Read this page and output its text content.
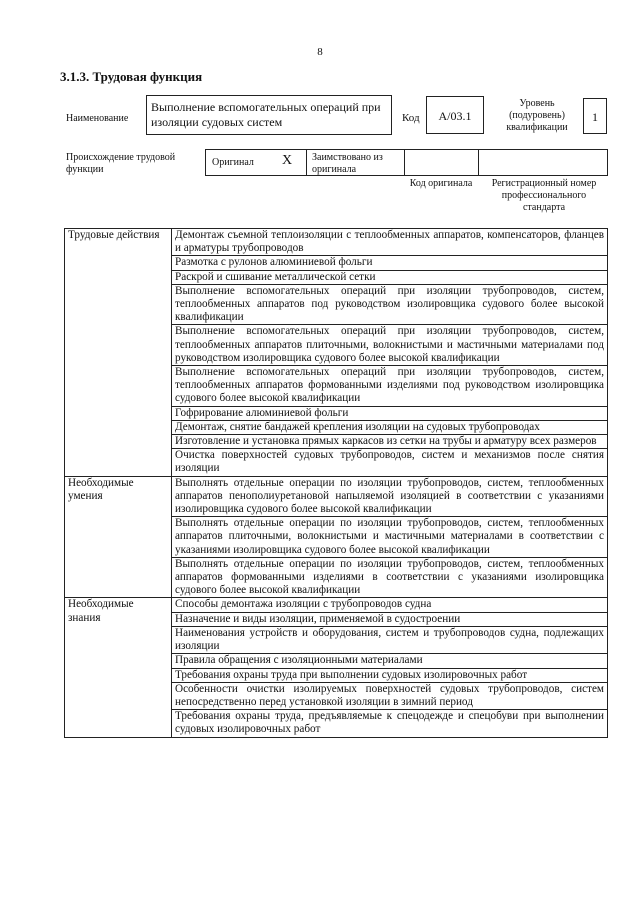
8
3.1.3. Трудовая функция
Наименование
Выполнение вспомогательных операций при изоляции судовых систем	Код	A/03.1
Уровень (подуровень) квалификации
1
Происхождение трудовой функции
Оригинал X Заимствовано из оригинала
Код оригинала	Регистрационный номер профессионального стандарта
Трудовые действия	Демонтаж съемной теплоизоляции с теплообменных аппаратов, компенсаторов, фланцев и арматуры трубопроводов
	Размотка с рулонов алюминиевой фольги
	Раскрой и сшивание металлической сетки
	Выполнение вспомогательных операций при изоляции трубопроводов, систем, теплообменных аппаратов под руководством изолировщика судового более высокой квалификации
	Выполнение вспомогательных операций при изоляции трубопроводов, систем, теплообменных аппаратов плиточными, волокнистыми и мастичными материалами под руководством изолировщика судового более высокой квалификации
	Выполнение вспомогательных операций при изоляции трубопроводов, систем, теплообменных аппаратов формованными изделиями под руководством изолировщика судового более высокой квалификации
	Гофрирование алюминиевой фольги
	Демонтаж, снятие бандажей крепления изоляции на судовых трубопроводах
	Изготовление и установка прямых каркасов из сетки на трубы и арматуру всех размеров
	Очистка поверхностей судовых трубопроводов, систем и механизмов после снятия изоляции
Необходимые умения	Выполнять отдельные операции по изоляции трубопроводов, систем, теплообменных аппаратов пенополиуретановой напыляемой изоляцией в соответствии с указаниями изолировщика судового более высокой квалификации
	Выполнять отдельные операции по изоляции трубопроводов, систем, теплообменных аппаратов плиточными, волокнистыми и мастичными материалами в соответствии с указаниями изолировщика судового более высокой квалификации
	Выполнять отдельные операции по изоляции трубопроводов, систем, теплообменных аппаратов формованными изделиями в соответствии с указаниями изолировщика судового более высокой квалификации
Необходимые знания	Способы демонтажа изоляции с трубопроводов судна
	Назначение и виды изоляции, применяемой в судостроении
	Наименования устройств и оборудования, систем и трубопроводов судна, подлежащих изоляции
	Правила обращения с изоляционными материалами
	Требования охраны труда при выполнении судовых изолировочных работ
	Особенности очистки изолируемых поверхностей судовых трубопроводов, систем непосредственно перед установкой изоляции в зимний период
	Требования охраны труда, предъявляемые к спецодежде и спецобуви при выполнении судовых изолировочных работ
